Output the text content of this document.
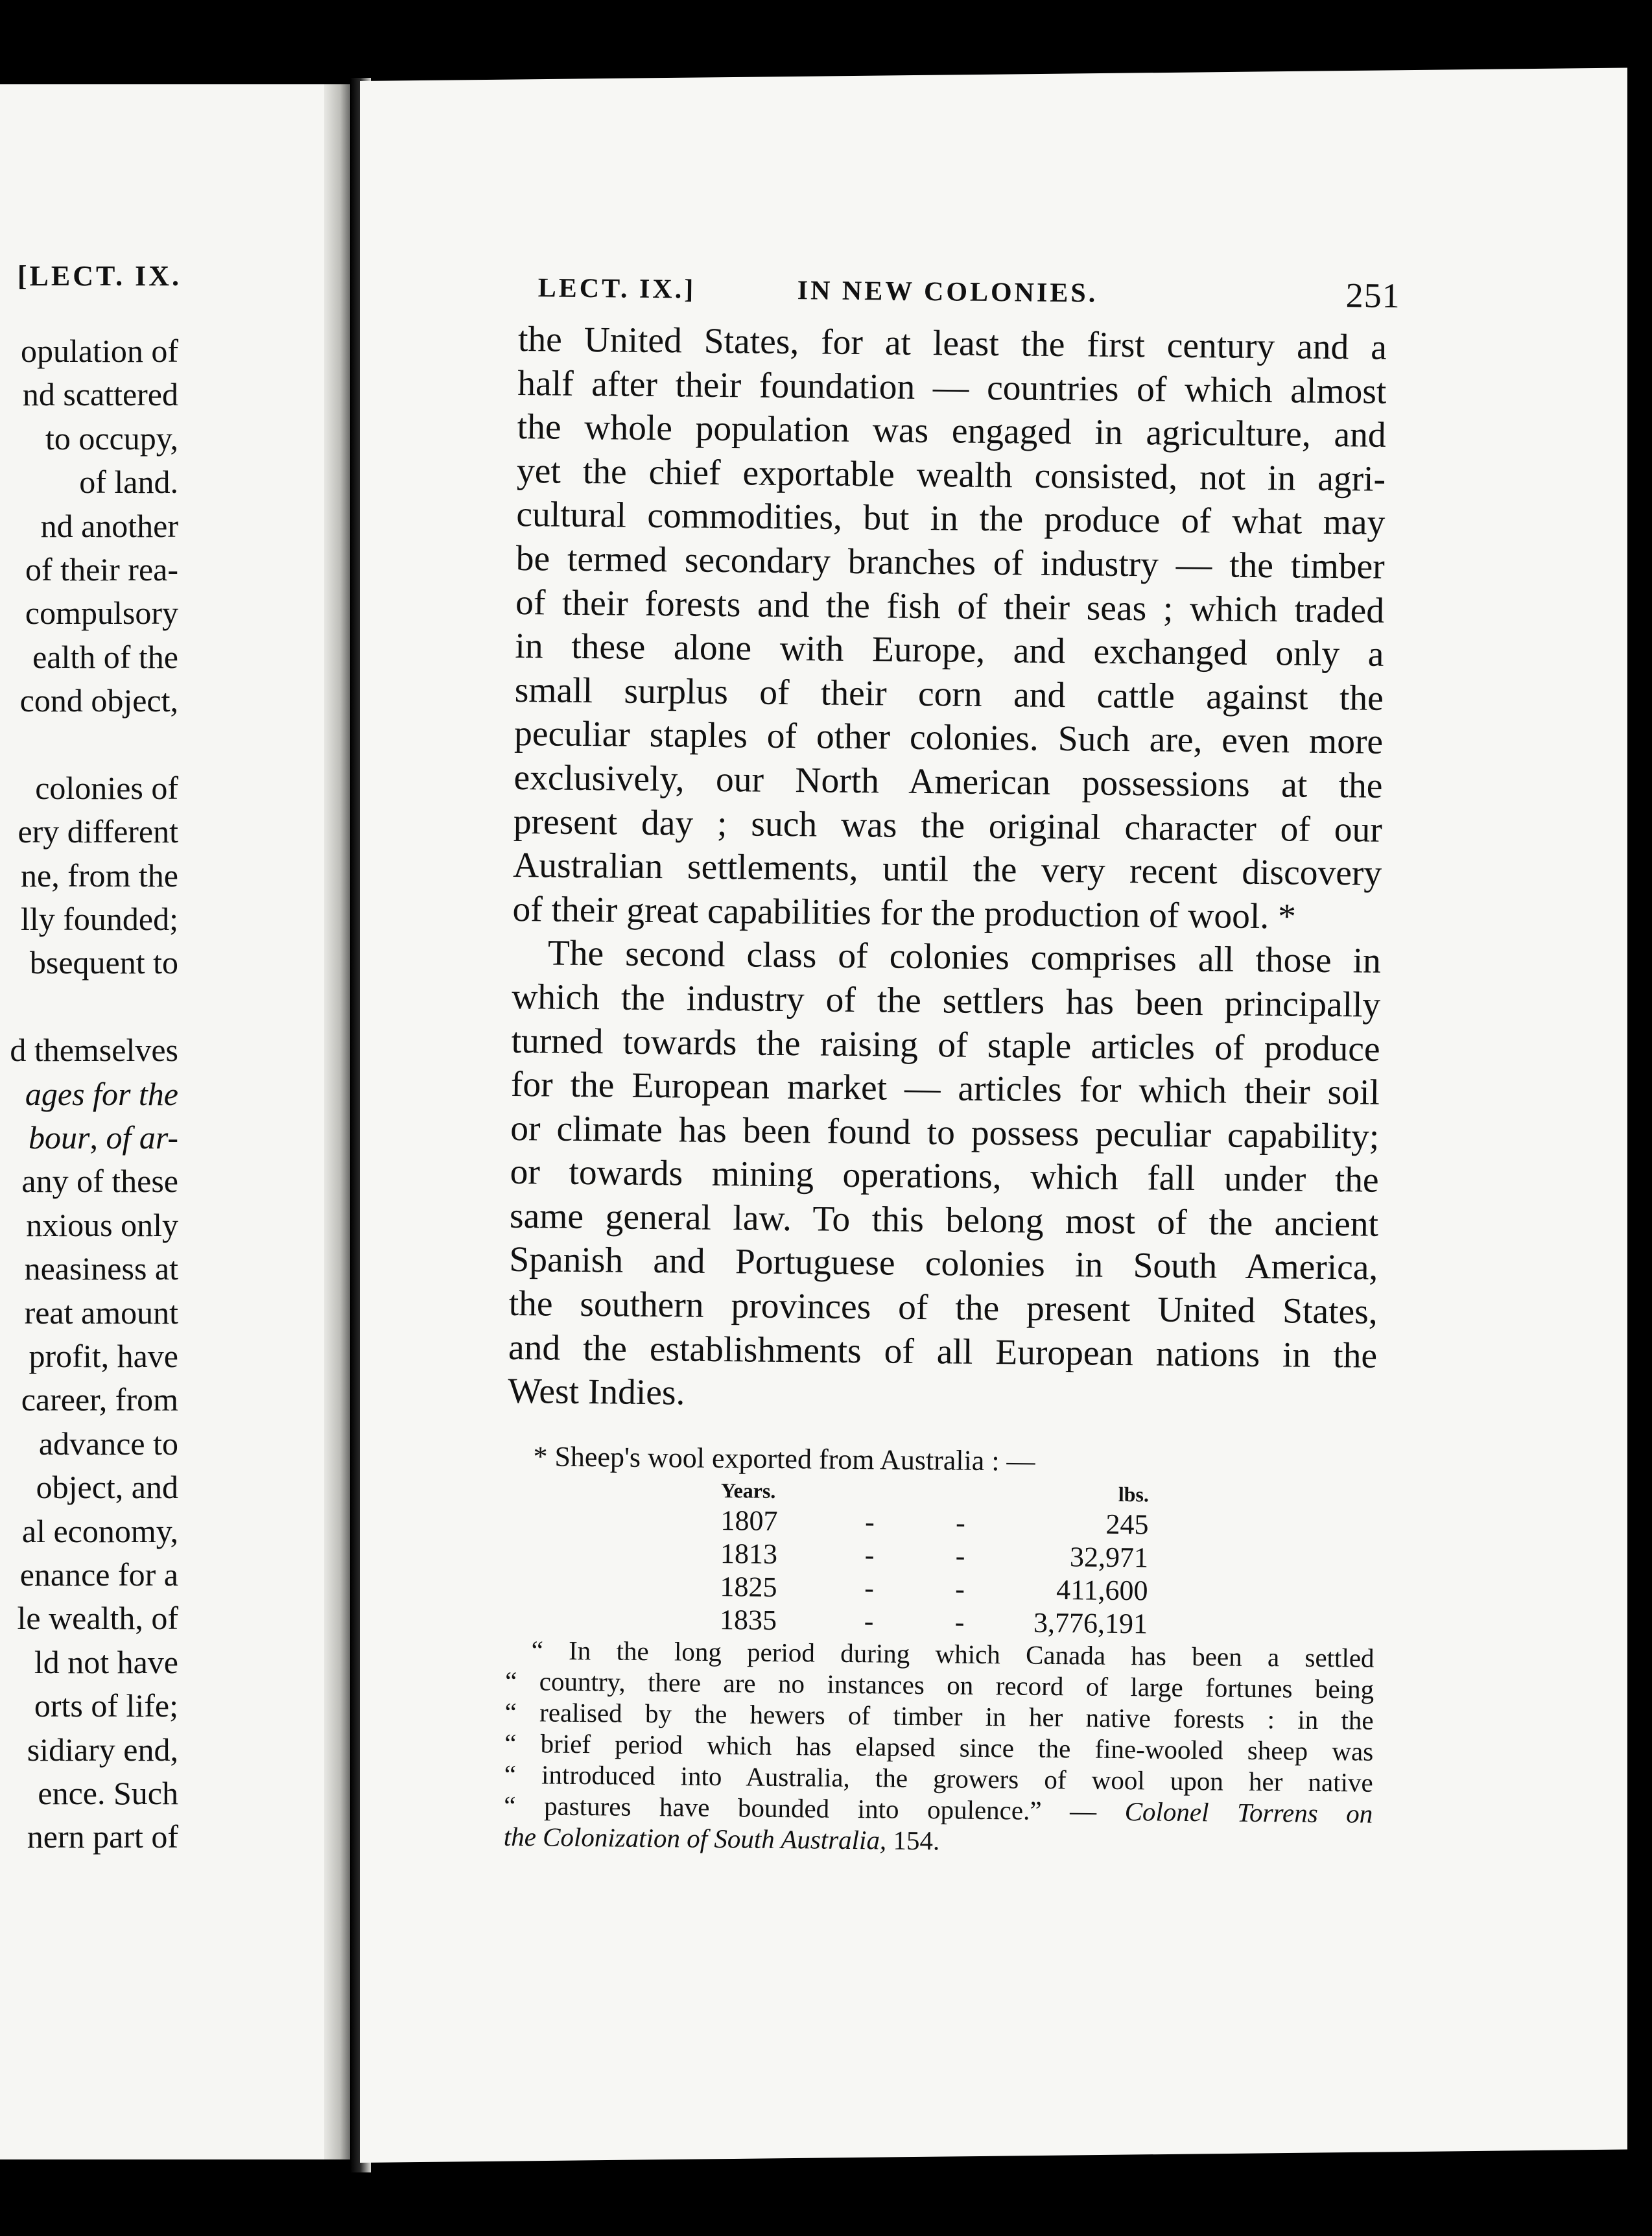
[LECT. IX.
opulation of
nd scattered
to occupy,
of land.
nd another
of their rea-
compulsory
ealth of the
cond object,
colonies of
ery different
ne, from the
lly founded;
bsequent to
d themselves
ages for the
bour, of ar-
any of these
nxious only
neasiness at
reat amount
profit, have
career, from
advance to
object, and
al economy,
enance for a
le wealth, of
ld not have
orts of life;
sidiary end,
ence. Such
nern part of
LECT. IX.]	IN NEW COLONIES.	251
the United States, for at least the first century and a
half after their foundation — countries of which almost
the whole population was engaged in agriculture, and
yet the chief exportable wealth consisted, not in agri-
cultural commodities, but in the produce of what may
be termed secondary branches of industry — the timber
of their forests and the fish of their seas ; which traded
in these alone with Europe, and exchanged only a
small surplus of their corn and cattle against the
peculiar staples of other colonies. Such are, even more
exclusively, our North American possessions at the
present day ; such was the original character of our
Australian settlements, until the very recent discovery
of their great capabilities for the production of wool. *
The second class of colonies comprises all those in
which the industry of the settlers has been principally
turned towards the raising of staple articles of produce
for the European market — articles for which their soil
or climate has been found to possess peculiar capability;
or towards mining operations, which fall under the
same general law. To this belong most of the ancient
Spanish and Portuguese colonies in South America,
the southern provinces of the present United States,
and the establishments of all European nations in the
West Indies.
* Sheep's wool exported from Australia : —
Years.			lbs.
1807	-	-	245
1813	-	-	32,971
1825	-	-	411,600
1835	-	-	3,776,191
“ In the long period during which Canada has been a settled
“ country, there are no instances on record of large fortunes being
“ realised by the hewers of timber in her native forests : in the
“ brief period which has elapsed since the fine-wooled sheep was
“ introduced into Australia, the growers of wool upon her native
“ pastures have bounded into opulence.” — Colonel Torrens on
the Colonization of South Australia, 154.
